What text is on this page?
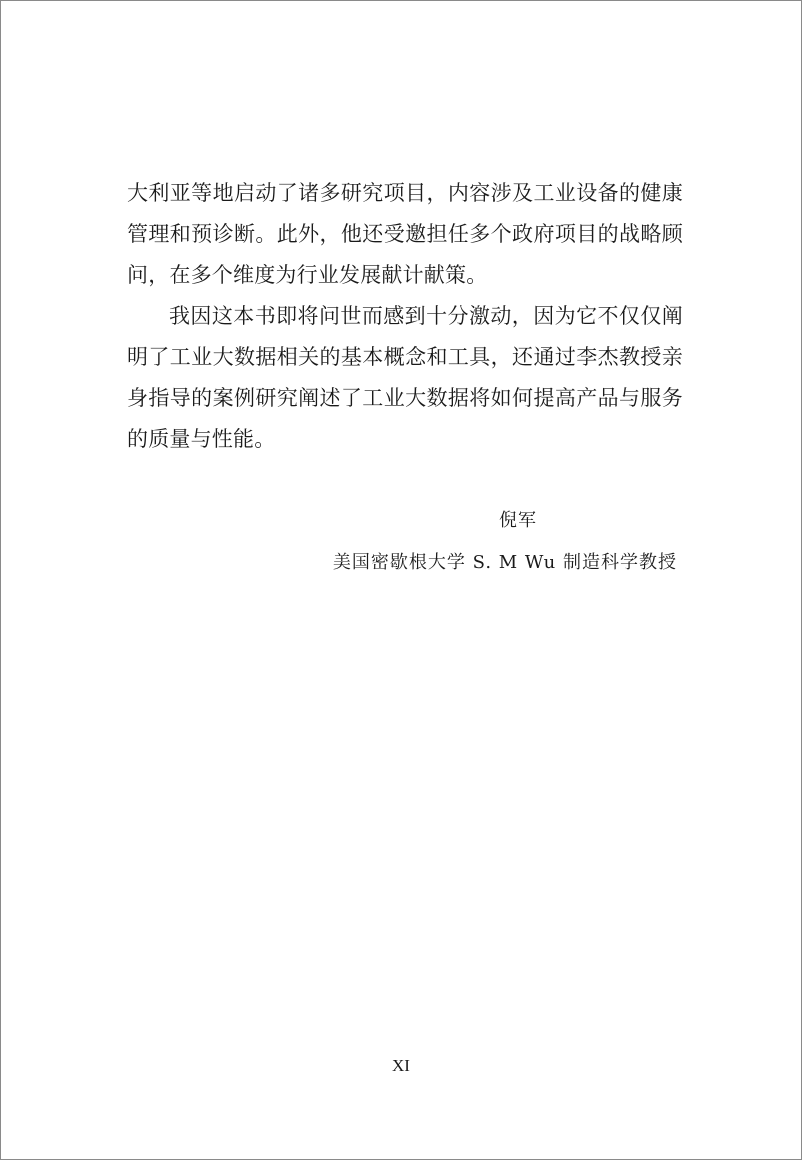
大利亚等地启动了诸多研究项目，内容涉及工业设备的健康管理和预诊断。此外，他还受邀担任多个政府项目的战略顾问，在多个维度为行业发展献计献策。

我因这本书即将问世而感到十分激动，因为它不仅仅阐明了工业大数据相关的基本概念和工具，还通过李杰教授亲身指导的案例研究阐述了工业大数据将如何提高产品与服务的质量与性能。

倪军
美国密歇根大学 S. M Wu 制造科学教授
XI
